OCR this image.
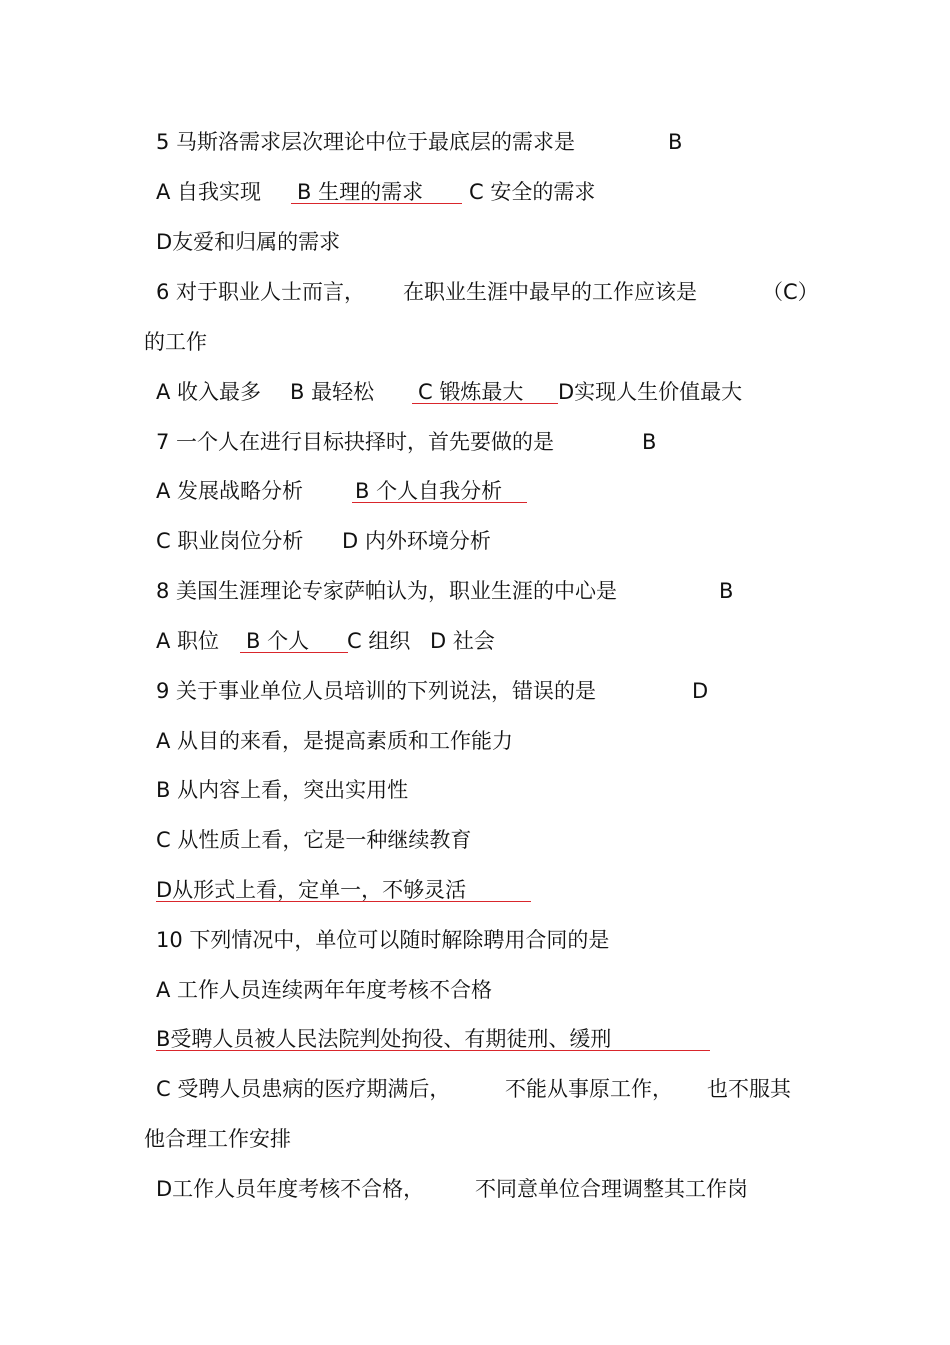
5 马斯洛需求层次理论中位于最底层的需求是	B
A 自我实现 B 生理的需求 C 安全的需求
D友爱和归属的需求
6 对于职业人士而言， 在职业生涯中最早的工作应该是	（C）
的工作
A 收入最多 B 最轻松 C 锻炼最大 D实现人生价值最大
7 一个人在进行目标抉择时，首先要做的是	B
A 发展战略分析 B 个人自我分析
C 职业岗位分析 D 内外环境分析
8 美国生涯理论专家萨帕认为，职业生涯的中心是	B
A 职位 B 个人 C 组织 D 社会
9 关于事业单位人员培训的下列说法，错误的是	D
A 从目的来看，是提高素质和工作能力
B 从内容上看，突出实用性
C 从性质上看，它是一种继续教育
D从形式上看，定单一，不够灵活
10 下列情况中，单位可以随时解除聘用合同的是
A 工作人员连续两年年度考核不合格
B受聘人员被人民法院判处拘役、有期徒刑、缓刑
C 受聘人员患病的医疗期满后，	不能从事原工作， 也不服其
他合理工作安排
D工作人员年度考核不合格， 不同意单位合理调整其工作岗
